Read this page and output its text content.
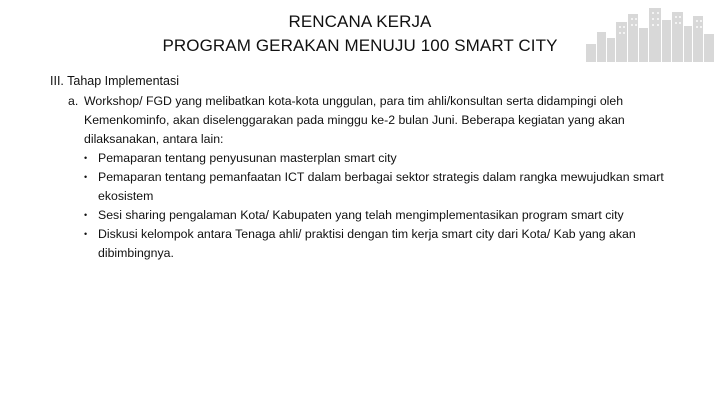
RENCANA KERJA
PROGRAM GERAKAN MENUJU 100 SMART CITY
III. Tahap Implementasi
a. Workshop/ FGD yang melibatkan kota-kota unggulan, para tim ahli/konsultan serta didampingi oleh Kemenkominfo, akan diselenggarakan pada minggu ke-2 bulan Juni. Beberapa kegiatan yang akan dilaksanakan, antara lain:
• Pemaparan tentang penyusunan masterplan smart city
• Pemaparan tentang pemanfaatan ICT dalam berbagai sektor strategis dalam rangka mewujudkan smart ekosistem
• Sesi sharing pengalaman Kota/ Kabupaten yang telah mengimplementasikan program smart city
• Diskusi kelompok antara Tenaga ahli/ praktisi dengan tim kerja smart city dari Kota/ Kab yang akan dibimbingnya.
